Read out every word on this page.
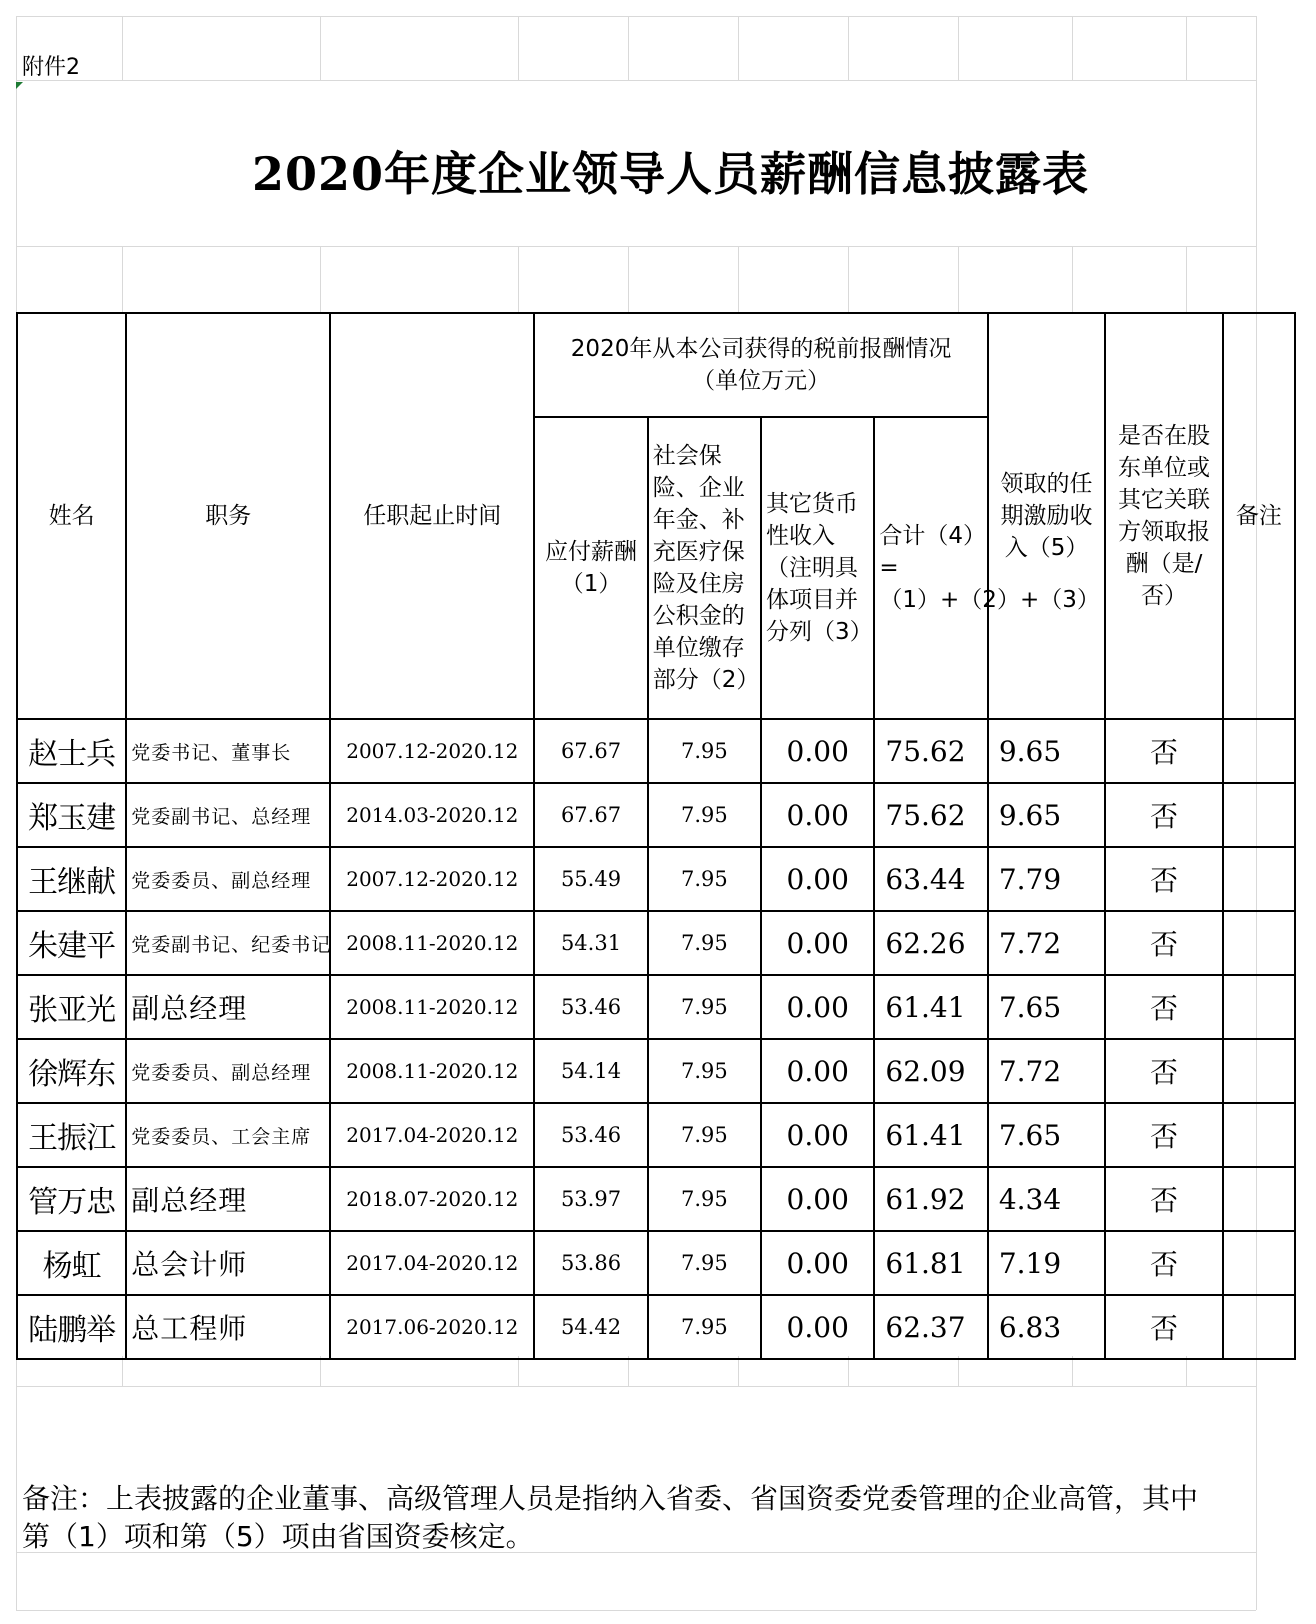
附件2
2020年度企业领导人员薪酬信息披露表
姓名	职务	任职起止时间	2020年从本公司获得的税前报酬情况（单位万元）				领取的任期激励收入（5）	是否在股东单位或其它关联方领取报酬（是/否）	备注
			应付薪酬（1）	社会保险、企业年金、补充医疗保险及住房公积金的单位缴存部分（2）	其它货币性收入（注明具体项目并分列（3）	合计（4）=（1）+（2）+（3）			
赵士兵	党委书记、董事长	2007.12-2020.12	67.67	7.95	0.00	75.62	9.65	否	
郑玉建	党委副书记、总经理	2014.03-2020.12	67.67	7.95	0.00	75.62	9.65	否	
王继献	党委委员、副总经理	2007.12-2020.12	55.49	7.95	0.00	63.44	7.79	否	
朱建平	党委副书记、纪委书记	2008.11-2020.12	54.31	7.95	0.00	62.26	7.72	否	
张亚光	副总经理	2008.11-2020.12	53.46	7.95	0.00	61.41	7.65	否	
徐辉东	党委委员、副总经理	2008.11-2020.12	54.14	7.95	0.00	62.09	7.72	否	
王振江	党委委员、工会主席	2017.04-2020.12	53.46	7.95	0.00	61.41	7.65	否	
管万忠	副总经理	2018.07-2020.12	53.97	7.95	0.00	61.92	4.34	否	
杨虹	总会计师	2017.04-2020.12	53.86	7.95	0.00	61.81	7.19	否	
陆鹏举	总工程师	2017.06-2020.12	54.42	7.95	0.00	62.37	6.83	否	
备注：上表披露的企业董事、高级管理人员是指纳入省委、省国资委党委管理的企业高管，其中第（1）项和第（5）项由省国资委核定。
